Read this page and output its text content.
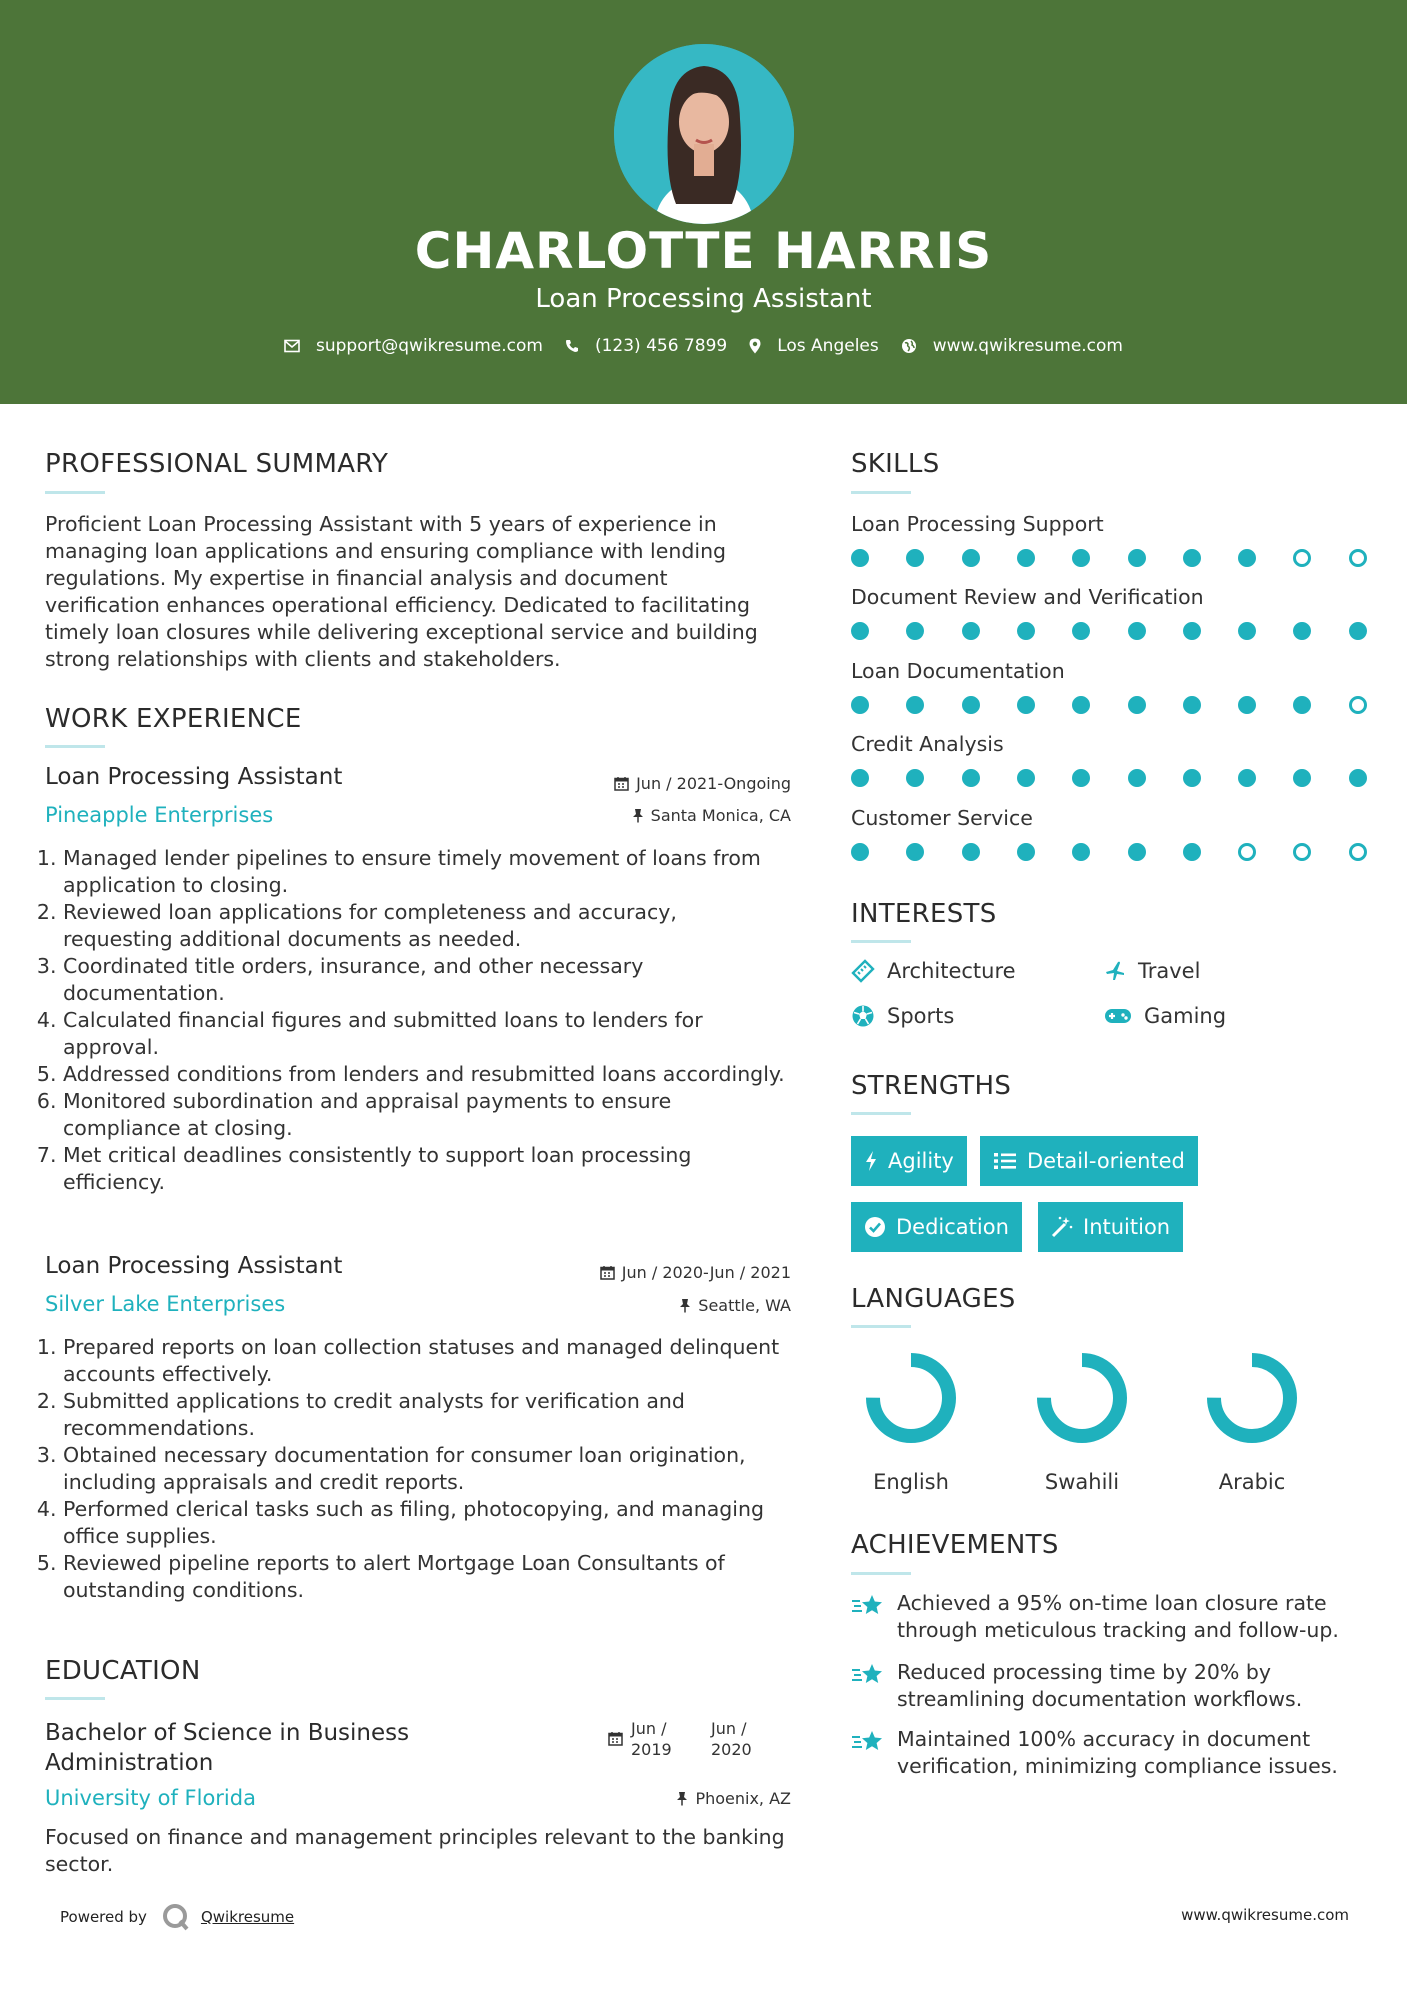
CHARLOTTE HARRIS
Loan Processing Assistant
support@qwikresume.com	(123) 456 7899	Los Angeles	www.qwikresume.com
PROFESSIONAL SUMMARY
Proficient Loan Processing Assistant with 5 years of experience in managing loan applications and ensuring compliance with lending regulations. My expertise in financial analysis and document verification enhances operational efficiency. Dedicated to facilitating timely loan closures while delivering exceptional service and building strong relationships with clients and stakeholders.
WORK EXPERIENCE
Loan Processing Assistant
Pineapple Enterprises
Jun / 2021-Ongoing
Santa Monica, CA
1. Managed lender pipelines to ensure timely movement of loans from application to closing.
2. Reviewed loan applications for completeness and accuracy, requesting additional documents as needed.
3. Coordinated title orders, insurance, and other necessary documentation.
4. Calculated financial figures and submitted loans to lenders for approval.
5. Addressed conditions from lenders and resubmitted loans accordingly.
6. Monitored subordination and appraisal payments to ensure compliance at closing.
7. Met critical deadlines consistently to support loan processing efficiency.
Loan Processing Assistant
Silver Lake Enterprises
Jun / 2020-Jun / 2021
Seattle, WA
1. Prepared reports on loan collection statuses and managed delinquent accounts effectively.
2. Submitted applications to credit analysts for verification and recommendations.
3. Obtained necessary documentation for consumer loan origination, including appraisals and credit reports.
4. Performed clerical tasks such as filing, photocopying, and managing office supplies.
5. Reviewed pipeline reports to alert Mortgage Loan Consultants of outstanding conditions.
EDUCATION
Bachelor of Science in Business Administration
Jun / 2019
Jun / 2020
University of Florida	Phoenix, AZ
Focused on finance and management principles relevant to the banking sector.
Powered by	Qwikresume	www.qwikresume.com
SKILLS
Loan Processing Support
Document Review and Verification
Loan Documentation
Credit Analysis
Customer Service
INTERESTS
Architecture	Travel
Sports	Gaming
STRENGTHS
Agility	Detail-oriented
Dedication	Intuition
LANGUAGES
English	Swahili	Arabic
ACHIEVEMENTS
Achieved a 95% on-time loan closure rate through meticulous tracking and follow-up.
Reduced processing time by 20% by streamlining documentation workflows.
Maintained 100% accuracy in document verification, minimizing compliance issues.
